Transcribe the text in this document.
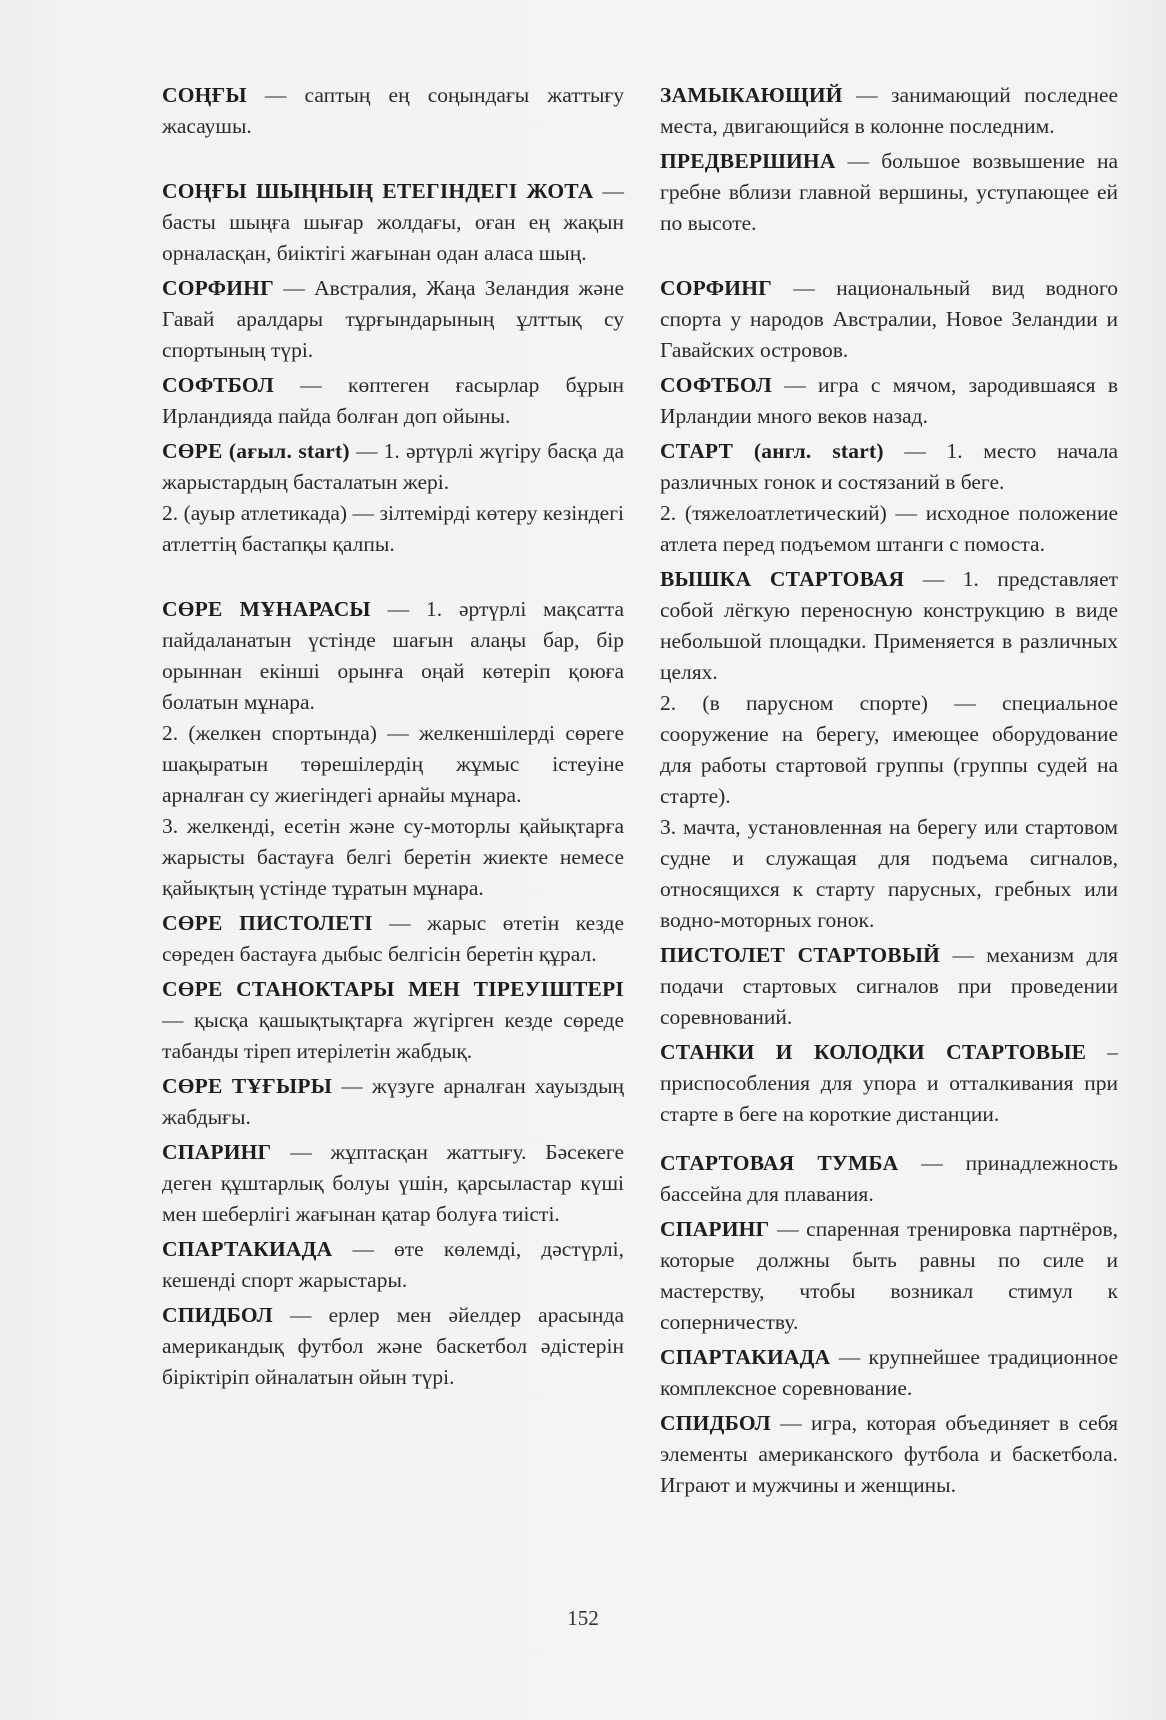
СОҢҒЫ — саптың ең соңындағы жаттығу жасаушы.

СОҢҒЫ ШЫҢНЫҢ ЕТЕГІНДЕГІ ЖОТА — басты шыңға шығар жолдағы, оған ең жақын орналасқан, биіктігі жағынан одан аласа шың.

СОРФИНГ — Австралия, Жаңа Зеландия және Гавай аралдары тұрғындарының ұлттық су спортының түрі.

СОФТБОЛ — көптеген ғасырлар бұрын Ирландияда пайда болған доп ойыны.

СӨРЕ (ағыл. start) — 1. әртүрлі жүгіру басқа да жарыстардың басталатын жері.
2. (ауыр атлетикада) — зілтемірді көтеру кезіндегі атлеттің бастапқы қалпы.

СӨРЕ МҰНАРАСЫ — 1. әртүрлі мақсатта пайдаланатын үстінде шағын алаңы бар, бір орыннан екінші орынға оңай көтеріп қоюға болатын мұнара.
2. (желкен спортында) — желкеншілерді сөреге шақыратын төрешілердің жұмыс істеуіне арналған су жиегіндегі арнайы мұнара.
3. желкенді, есетін және су-моторлы қайықтарға жарысты бастауға белгі беретін жиекте немесе қайықтың үстінде тұратын мұнара.

СӨРЕ ПИСТОЛЕТІ — жарыс өтетін кезде сөреден бастауға дыбыс белгісін беретін құрал.

СӨРЕ СТАНОКТАРЫ МЕН ТІРЕУІШТЕРІ — қысқа қашықтықтарға жүгірген кезде сөреде табанды тіреп итерілетін жабдық.

СӨРЕ ТҰҒЫРЫ — жүзуге арналған хауыздың жабдығы.

СПАРИНГ — жұптасқан жаттығу. Бәсекеге деген құштарлық болуы үшін, қарсыластар күші мен шеберлігі жағынан қатар болуға тиісті.

СПАРТАКИАДА — өте көлемді, дәстүрлі, кешенді спорт жарыстары.

СПИДБОЛ — ерлер мен әйелдер арасында американдық футбол және баскетбол әдістерін біріктіріп ойналатын ойын түрі.

ЗАМЫКАЮЩИЙ — занимающий последнее места, двигающийся в колонне последним.

ПРЕДВЕРШИНА — большое возвышение на гребне вблизи главной вершины, уступающее ей по высоте.

СОРФИНГ — национальный вид водного спорта у народов Австралии, Новое Зеландии и Гавайских островов.

СОФТБОЛ — игра с мячом, зародившаяся в Ирландии много веков назад.

СТАРТ (англ. start) — 1. место начала различных гонок и состязаний в беге.
2. (тяжелоатлетический) — исходное положение атлета перед подъемом штанги с помоста.

ВЫШКА СТАРТОВАЯ — 1. представляет собой лёгкую переносную конструкцию в виде небольшой площадки. Применяется в различных целях.
2. (в парусном спорте) — специальное сооружение на берегу, имеющее оборудование для работы стартовой группы (группы судей на старте).
3. мачта, установленная на берегу или стартовом судне и служащая для подъема сигналов, относящихся к старту парусных, гребных или водно-моторных гонок.

ПИСТОЛЕТ СТАРТОВЫЙ — механизм для подачи стартовых сигналов при проведении соревнований.

СТАНКИ И КОЛОДКИ СТАРТОВЫЕ – приспособления для упора и отталкивания при старте в беге на короткие дистанции.

СТАРТОВАЯ ТУМБА — принадлежность бассейна для плавания.

СПАРИНГ — спаренная тренировка партнёров, которые должны быть равны по силе и мастерству, чтобы возникал стимул к соперничеству.

СПАРТАКИАДА — крупнейшее традиционное комплексное соревнование.

СПИДБОЛ — игра, которая объединяет в себя элементы американского футбола и баскетбола. Играют и мужчины и женщины.

152
